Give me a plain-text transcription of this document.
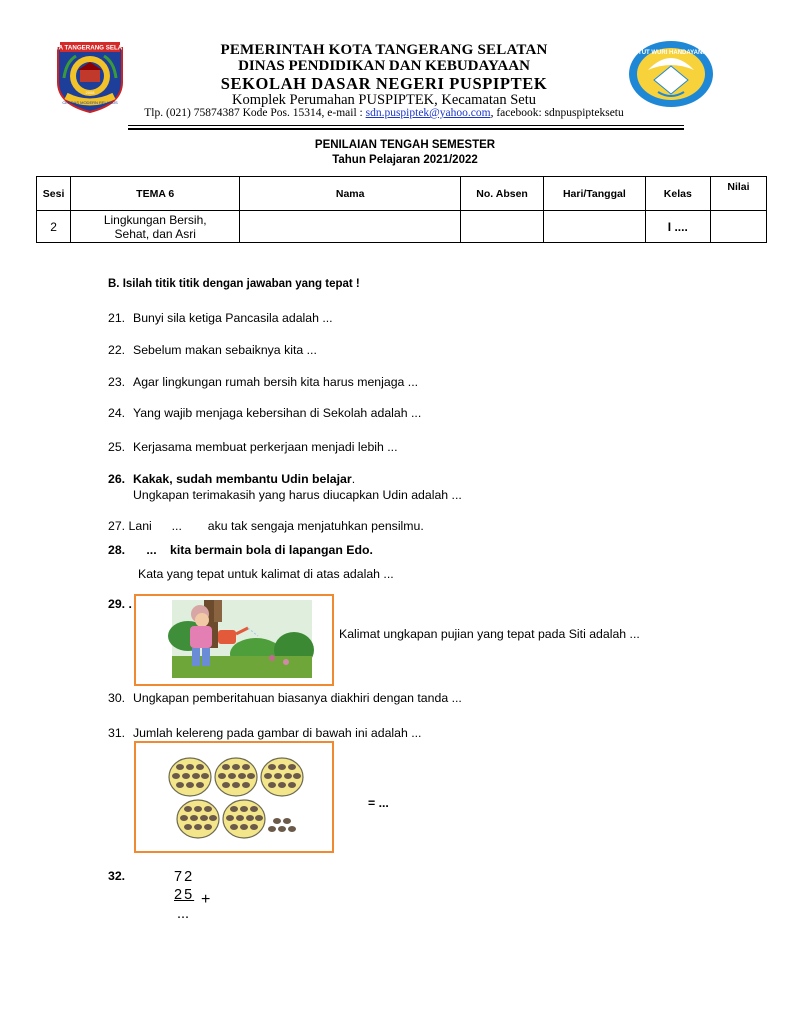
KOTA TANGERANG SELATAN
CERDAS MODERN RELIGIUS
2008
TUT WURI HANDAYANI
PEMERINTAH KOTA TANGERANG SELATAN
DINAS PENDIDIKAN DAN KEBUDAYAAN
SEKOLAH DASAR NEGERI PUSPIPTEK
Komplek Perumahan PUSPIPTEK, Kecamatan Setu
Tlp. (021) 75874387 Kode Pos. 15314, e-mail : sdn.puspiptek@yahoo.com, facebook: sdnpuspipteksetu
PENILAIAN TENGAH SEMESTER
Tahun Pelajaran 2021/2022
Sesi	TEMA 6	Nama	No. Absen	Hari/Tanggal	Kelas	Nilai
2	Lingkungan Bersih,
Sehat, dan Asri				I ....	
B. Isilah titik titik dengan jawaban yang tepat !
21. Bunyi sila ketiga Pancasila adalah ...
22. Sebelum makan sebaiknya kita ...
23. Agar lingkungan rumah bersih kita harus menjaga ...
24. Yang wajib menjaga kebersihan di Sekolah adalah ...
25. Kerjasama membuat perkerjaan menjadi lebih ...
26. Kakak, sudah membantu Udin belajar.
Ungkapan terimakasih yang harus diucapkan Udin adalah ...
27. Lani ... aku tak sengaja menjatuhkan pensilmu.
28. ... kita bermain bola di lapangan Edo.
Kata yang tepat untuk kalimat di atas adalah ...
29. .
Kalimat ungkapan pujian yang tepat pada Siti adalah ...
30. Ungkapan pemberitahuan biasanya diakhiri dengan tanda ...
31. Jumlah kelereng pada gambar di bawah ini adalah ...
= ...
32.	72
25 +
...
